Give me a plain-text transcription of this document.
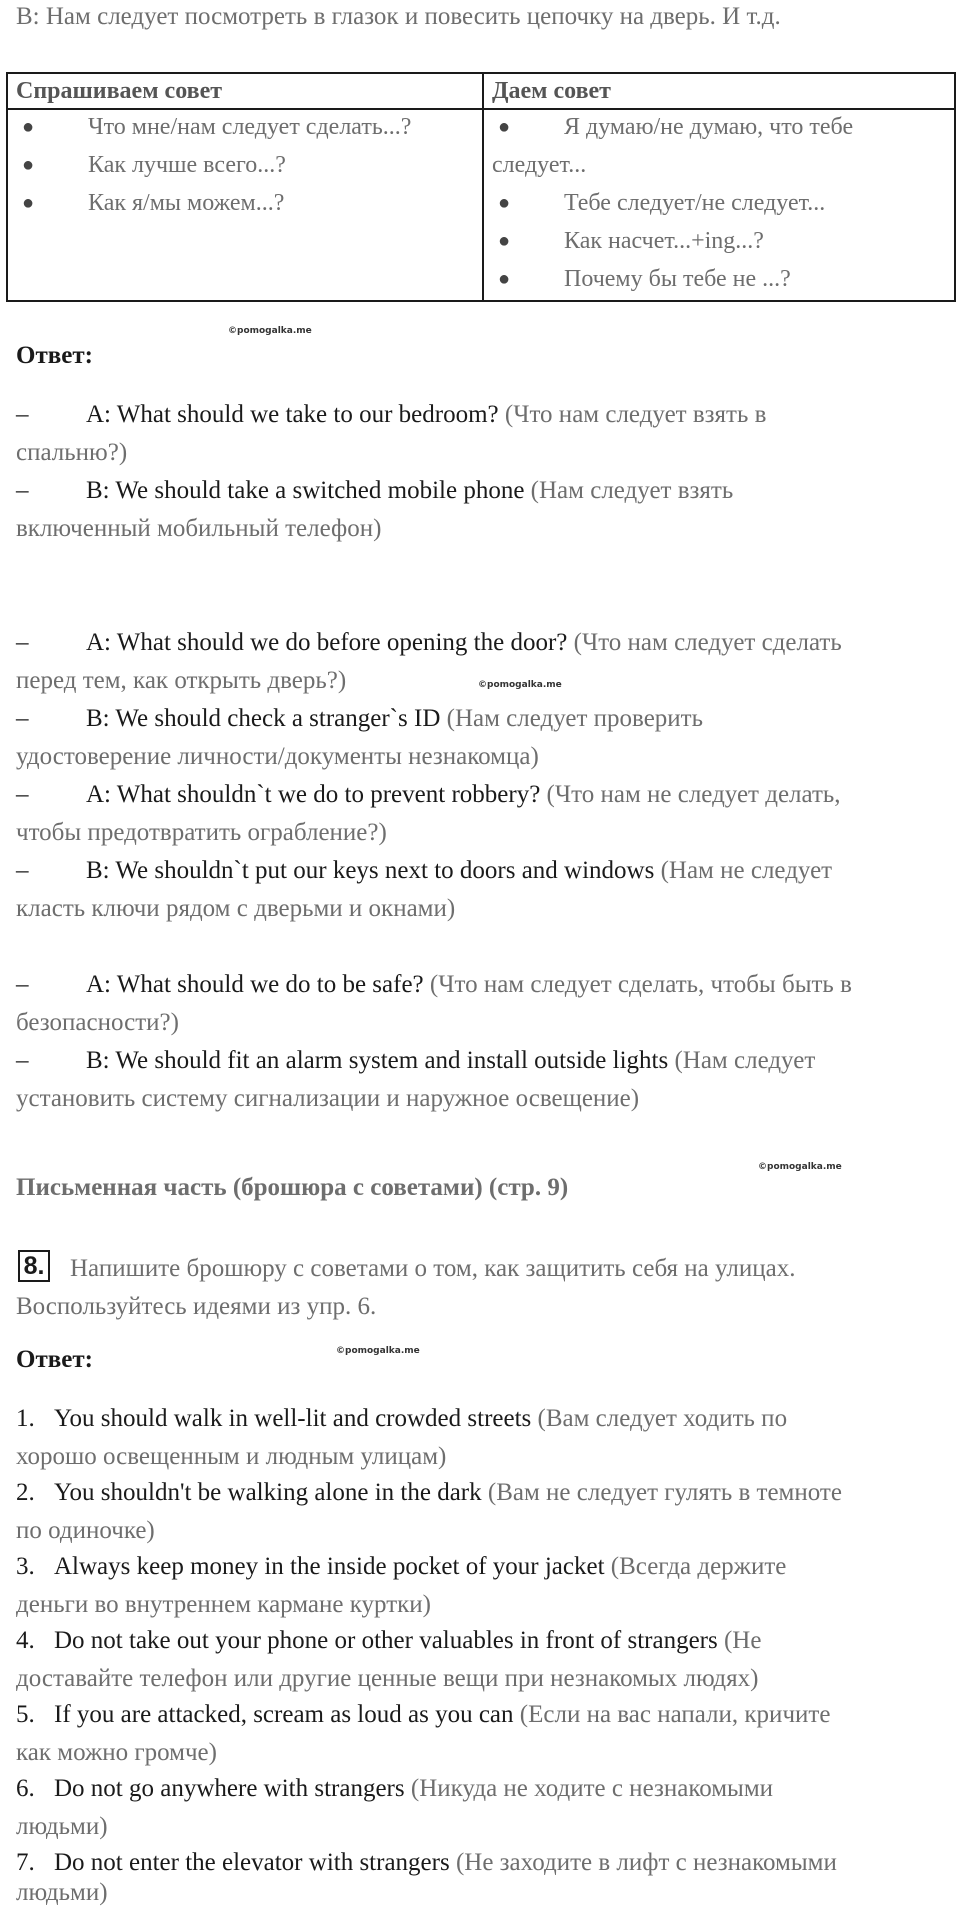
B: Нам следует посмотреть в глазок и повесить цепочку на дверь. И т.д.
Спрашиваем совет	Даем совет
● Что мне/нам следует сделать...?
● Как лучше всего...?
● Как я/мы можем...?
● Я думаю/не думаю, что тебе
следует...
● Тебе следует/не следует...
● Как насчет...+ing...?
● Почему бы тебе не ...?
©pomogalka.me
Ответ:
– A: What should we take to our bedroom? (Что нам следует взять в
спальню?)
– B: We should take a switched mobile phone (Нам следует взять
включенный мобильный телефон)
– A: What should we do before opening the door? (Что нам следует сделать
перед тем, как открыть дверь?)	©pomogalka.me
– B: We should check a stranger`s ID (Нам следует проверить
удостоверение личности/документы незнакомца)
– A: What shouldn`t we do to prevent robbery? (Что нам не следует делать,
чтобы предотвратить ограбление?)
– B: We shouldn`t put our keys next to doors and windows (Нам не следует
класть ключи рядом с дверьми и окнами)
– A: What should we do to be safe? (Что нам следует сделать, чтобы быть в
безопасности?)
– B: We should fit an alarm system and install outside lights (Нам следует
установить систему сигнализации и наружное освещение)
©pomogalka.me
Письменная часть (брошюра с советами) (стр. 9)
8. Напишите брошюру с советами о том, как защитить себя на улицах.
Воспользуйтесь идеями из упр. 6.
©pomogalka.me
Ответ:
1. You should walk in well-lit and crowded streets (Вам следует ходить по
хорошо освещенным и людным улицам)
2. You shouldn't be walking alone in the dark (Вам не следует гулять в темноте
по одиночке)
3. Always keep money in the inside pocket of your jacket (Всегда держите
деньги во внутреннем кармане куртки)
4. Do not take out your phone or other valuables in front of strangers (Не
доставайте телефон или другие ценные вещи при незнакомых людях)
5. If you are attacked, scream as loud as you can (Если на вас напали, кричите
как можно громче)
6. Do not go anywhere with strangers (Никуда не ходите с незнакомыми
людьми)
7. Do not enter the elevator with strangers (Не заходите в лифт с незнакомыми
людьми)
